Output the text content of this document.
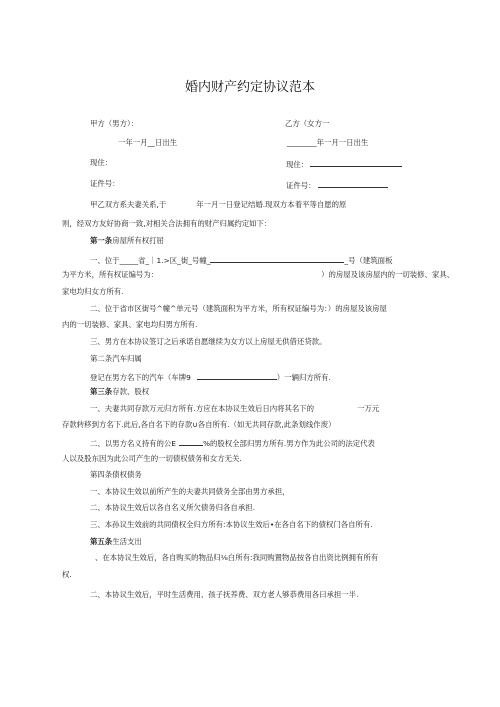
婚内财产约定协议范本
甲方（男方）：	乙方（女方一
一年一月__日出生	________年一月一日出生
现住：	现住：
证件号：	证件号：
甲乙双方系夫妻关系,于	年一月一日登记结婚.现双方本着平等自愿的原
则，经双方友好协商一致,对相关合法拥有的财产归属约定如下：
第一条房屋所有权打屈
一、位于_____省_｜1.>区_街_号幢_	_号（建筑面板
为平方米，所有权证编号为：	）的房屋及该房屋内的一切装修、家具、
家电均归女方所有.
二、位于省市区街号^幢^单元号（建筑面积为平方米，所有权证编号为：）的房屋及该房屋
内的一切装修、家具、家电均归男方所有.
三、男方在本协议签订之后承诺自愿继续为女方以上房屋无供借还贷款。
第二条汽车归属
登记在男方名下的汽车（车牌9	）一辆归方所有.
第三条存款、股权
一、夫妻共同存款万元归方所有.方应在本协议生效后日内将其名下的	一万元
存款转移到方名下.此后,各自名下的存款∪各自所有.（如无共同存款,此条划线作废）
二、以男方名义持有的公E	%的股权全部归男方所有.男方作为此公司的法定代表
人以及股东因为此公司产生的一切债权债务和女方无关.
第四条债权债务
一、本协议生效以前所产生的夫妻共同债务全部由男方承担，
二、本协议生效后以各自名义所欠债务归各自承担.
三、本孙议生效前的共同债权全归方所有:本协议生效后•在各自名下的债权门各自所有.
第五条生活支出
、在本协议生效后，各自购买的物品归⅛白所有:我同购置物品按各自出资比例拥有所有
权.
二、本协议生效后，平时生活费用、孩子抚养费、双方老人够恭费用各曰承担一半.
